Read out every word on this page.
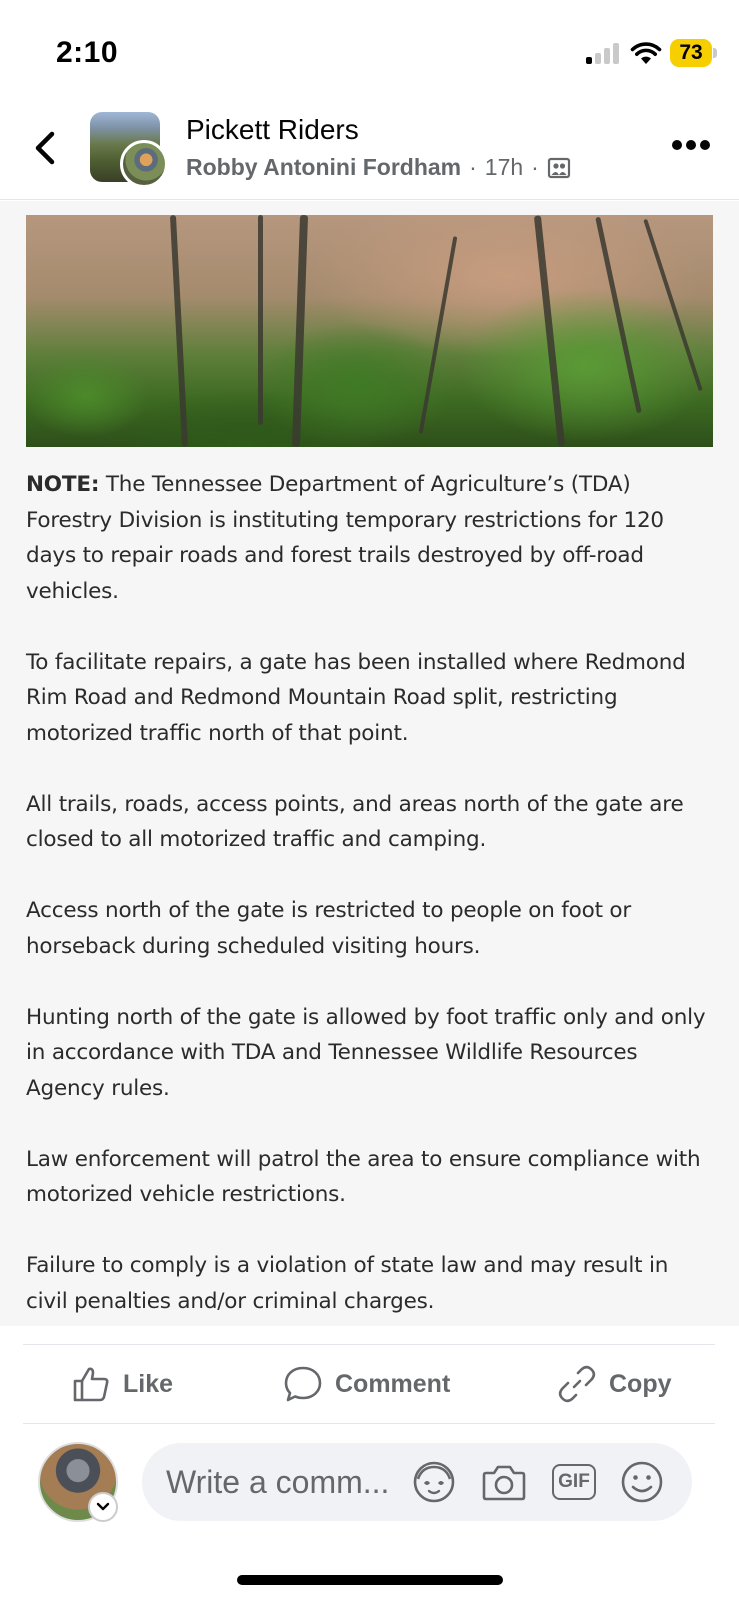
2:10	73
Pickett Riders
Robby Antonini Fordham · 17h ·

NOTE: The Tennessee Department of Agriculture’s (TDA) Forestry Division is instituting temporary restrictions for 120 days to repair roads and forest trails destroyed by off-road vehicles.

To facilitate repairs, a gate has been installed where Redmond Rim Road and Redmond Mountain Road split, restricting motorized traffic north of that point.

All trails, roads, access points, and areas north of the gate are closed to all motorized traffic and camping.

Access north of the gate is restricted to people on foot or horseback during scheduled visiting hours.

Hunting north of the gate is allowed by foot traffic only and only in accordance with TDA and Tennessee Wildlife Resources Agency rules.

Law enforcement will patrol the area to ensure compliance with motorized vehicle restrictions.

Failure to comply is a violation of state law and may result in civil penalties and/or criminal charges.

Like	Comment	Copy
Write a comm...
GIF
